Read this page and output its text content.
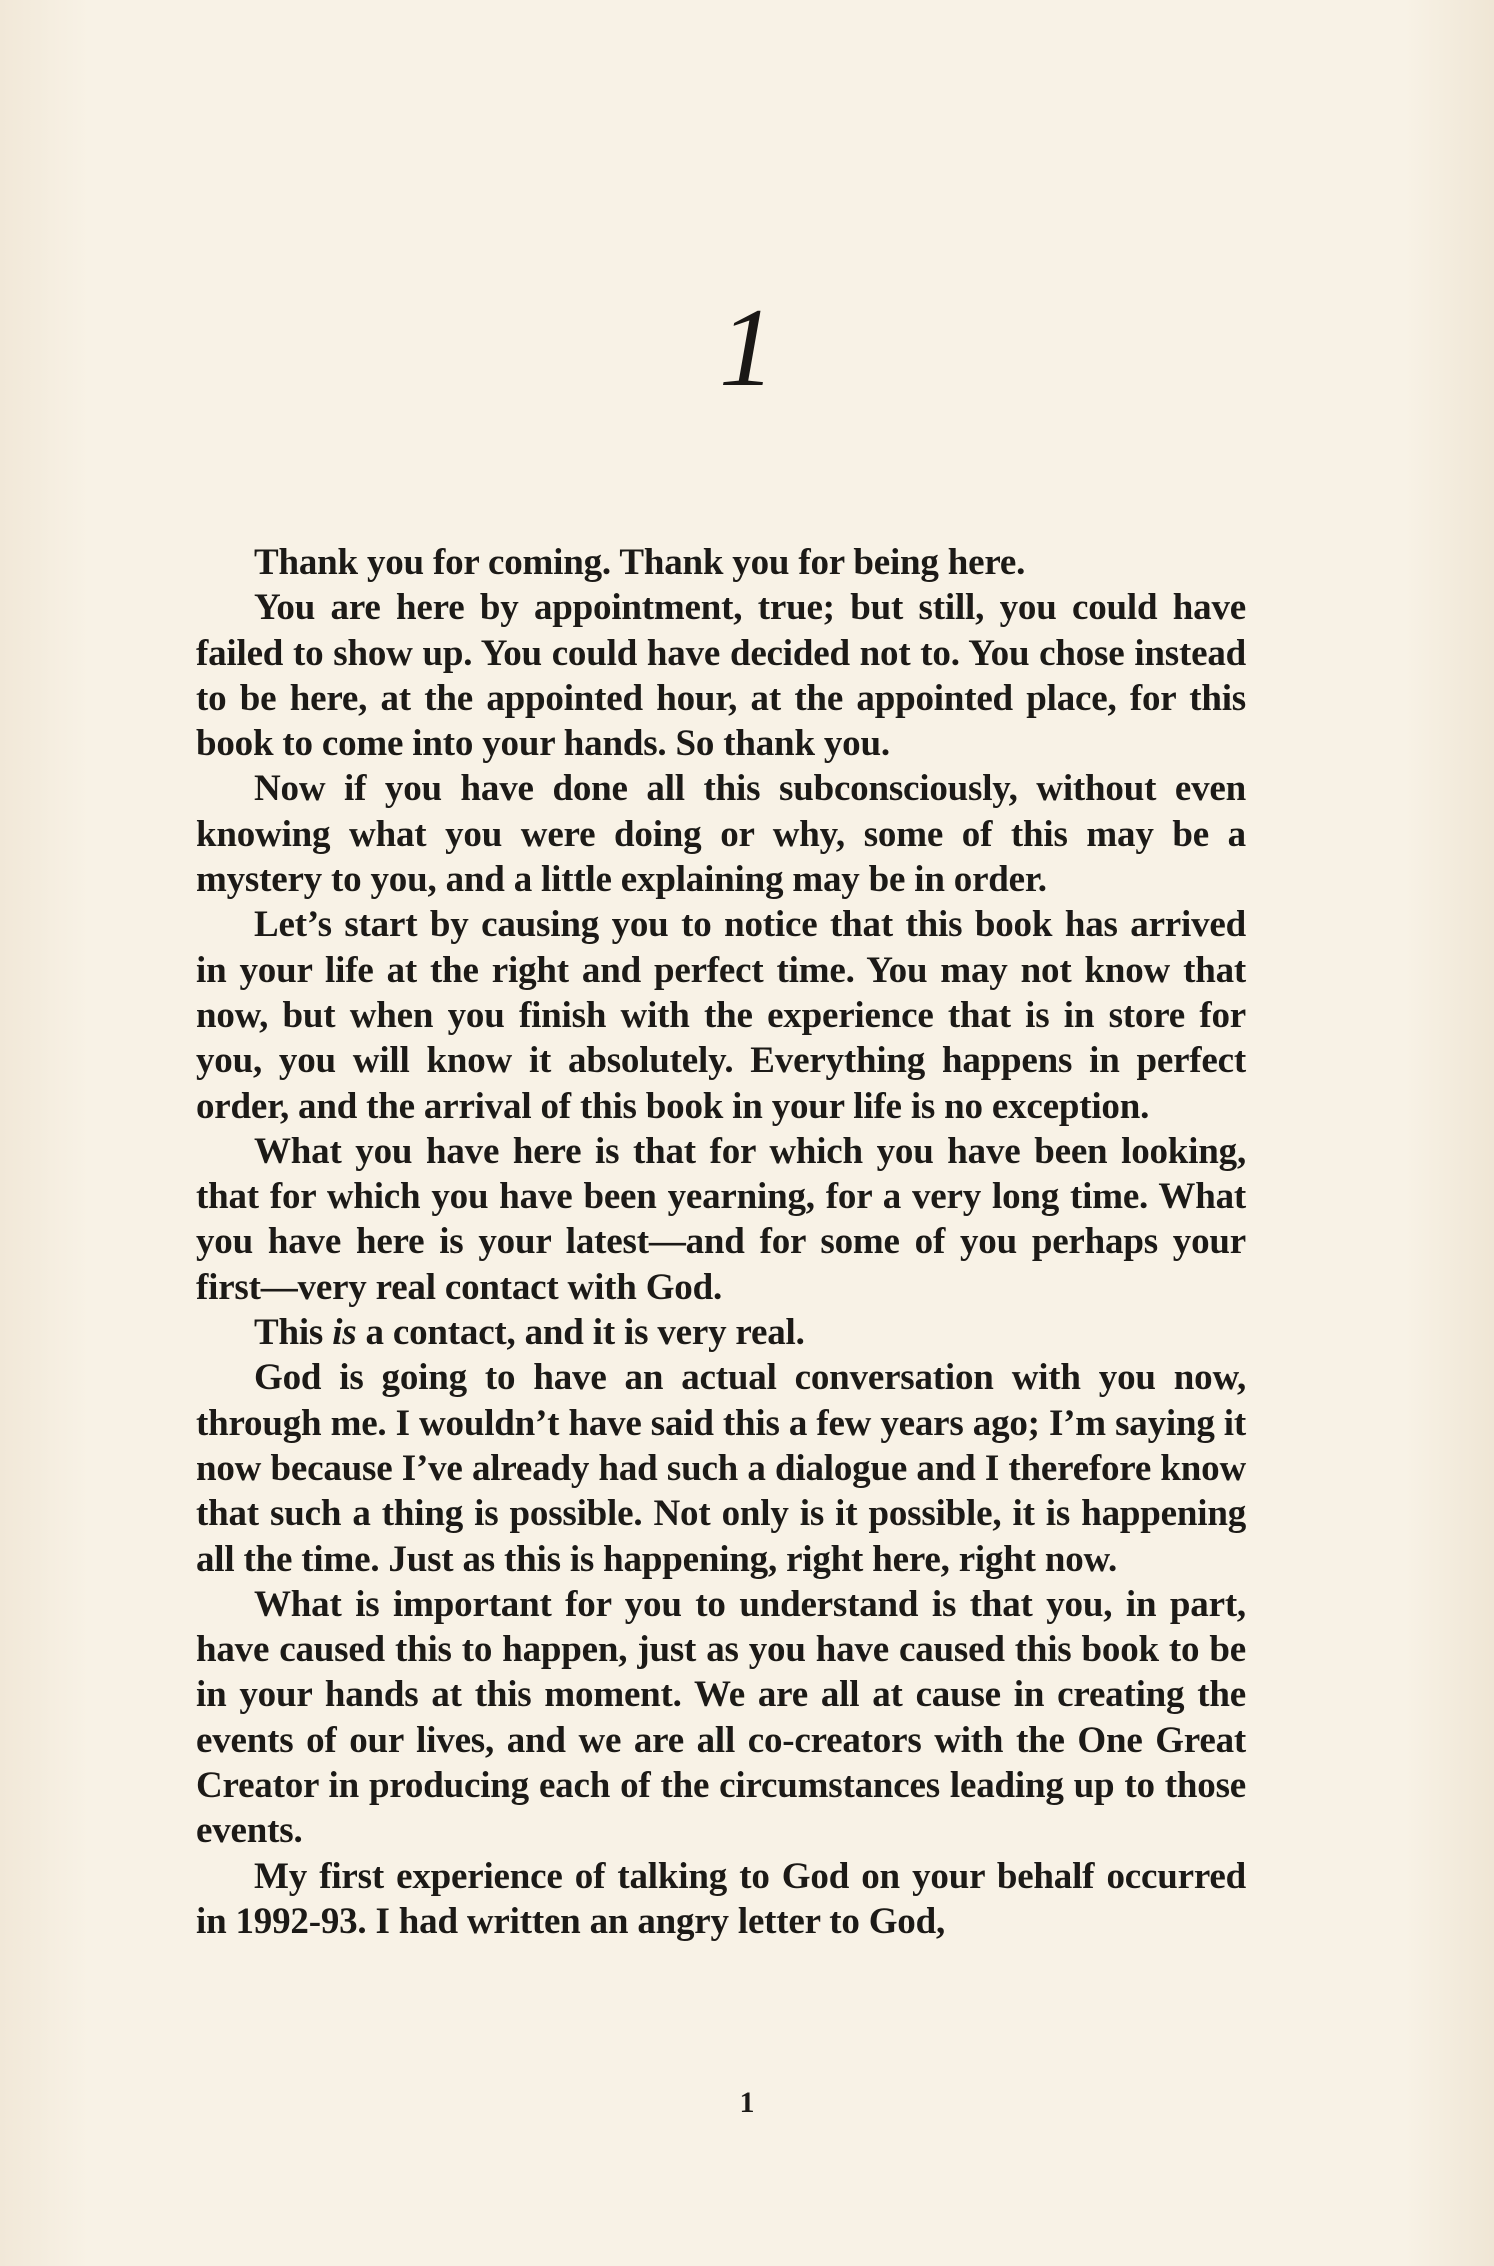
1

Thank you for coming. Thank you for being here.

You are here by appointment, true; but still, you could have failed to show up. You could have decided not to. You chose instead to be here, at the appointed hour, at the appointed place, for this book to come into your hands. So thank you.

Now if you have done all this subconsciously, without even knowing what you were doing or why, some of this may be a mystery to you, and a little explaining may be in order.

Let’s start by causing you to notice that this book has arrived in your life at the right and perfect time. You may not know that now, but when you finish with the experience that is in store for you, you will know it absolutely. Everything happens in perfect order, and the arrival of this book in your life is no exception.

What you have here is that for which you have been looking, that for which you have been yearning, for a very long time. What you have here is your latest—and for some of you perhaps your first—very real contact with God.

This is a contact, and it is very real.

God is going to have an actual conversation with you now, through me. I wouldn’t have said this a few years ago; I’m saying it now because I’ve already had such a dialogue and I therefore know that such a thing is possible. Not only is it possible, it is happening all the time. Just as this is happening, right here, right now.

What is important for you to understand is that you, in part, have caused this to happen, just as you have caused this book to be in your hands at this moment. We are all at cause in creating the events of our lives, and we are all co-creators with the One Great Creator in producing each of the circumstances leading up to those events.

My first experience of talking to God on your behalf occurred in 1992-93. I had written an angry letter to God,

1
